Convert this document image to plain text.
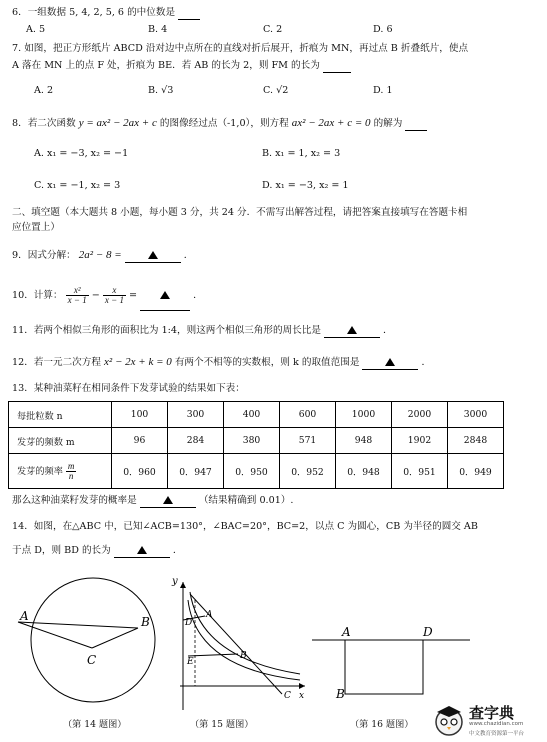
6．一组数据 5, 4, 2, 5, 6 的中位数是
A. 5	B. 4	C. 2	D. 6
7. 如图，把正方形纸片 ABCD 沿对边中点所在的直线对折后展开，折痕为 MN，再过点 B 折叠纸片，使点
A 落在 MN 上的点 F 处，折痕为 BE．若 AB 的长为 2，则 FM 的长为
A. 2	B. √3	C. √2	D. 1
8．若二次函数 y = ax² − 2ax + c 的图像经过点（-1,0），则方程 ax² − 2ax + c = 0 的解为
A. x₁ = −3, x₂ = −1	B. x₁ = 1, x₂ = 3
C. x₁ = −1, x₂ = 3	D. x₁ = −3, x₂ = 1
二、填空题（本大题共 8 小题，每小题 3 分，共 24 分．不需写出解答过程，请把答案直接填写在答题卡相
应位置上）
9．因式分解： 2a² − 8 =	．
10．计算： $\frac{\text{x²}}{x - 1} - \frac{x}{x - 1}$ =	．
11．若两个相似三角形的面积比为 1:4，则这两个相似三角形的周长比是	．
12．若一元二次方程 x² − 2x + k = 0 有两个不相等的实数根，则 k 的取值范围是	．
13．某种油菜籽在相同条件下发芽试验的结果如下表：
每批粒数 n	100	300	400	600	1000	2000	3000
发芽的频数 m	96	284	380	571	948	1902	2848
发芽的频率 $\frac{m}{n}$	0．960	0．947	0．950	0．952	0．948	0．951	0．949
那么这种油菜籽发芽的概率是	（结果精确到 0.01）.
14．如图，在△ABC 中，已知∠ACB=130°，∠BAC=20°，BC=2，以点 C 为圆心，CB 为半径的圆交 AB
于点 D，则 BD 的长为	．
A	B
C
y
D
A
E
B
C x
A	D
B
（第 14 题图）	（第 15 题图）	（第 16 题图）
查字典
www.chazidian.com
中文教育资源第一平台
